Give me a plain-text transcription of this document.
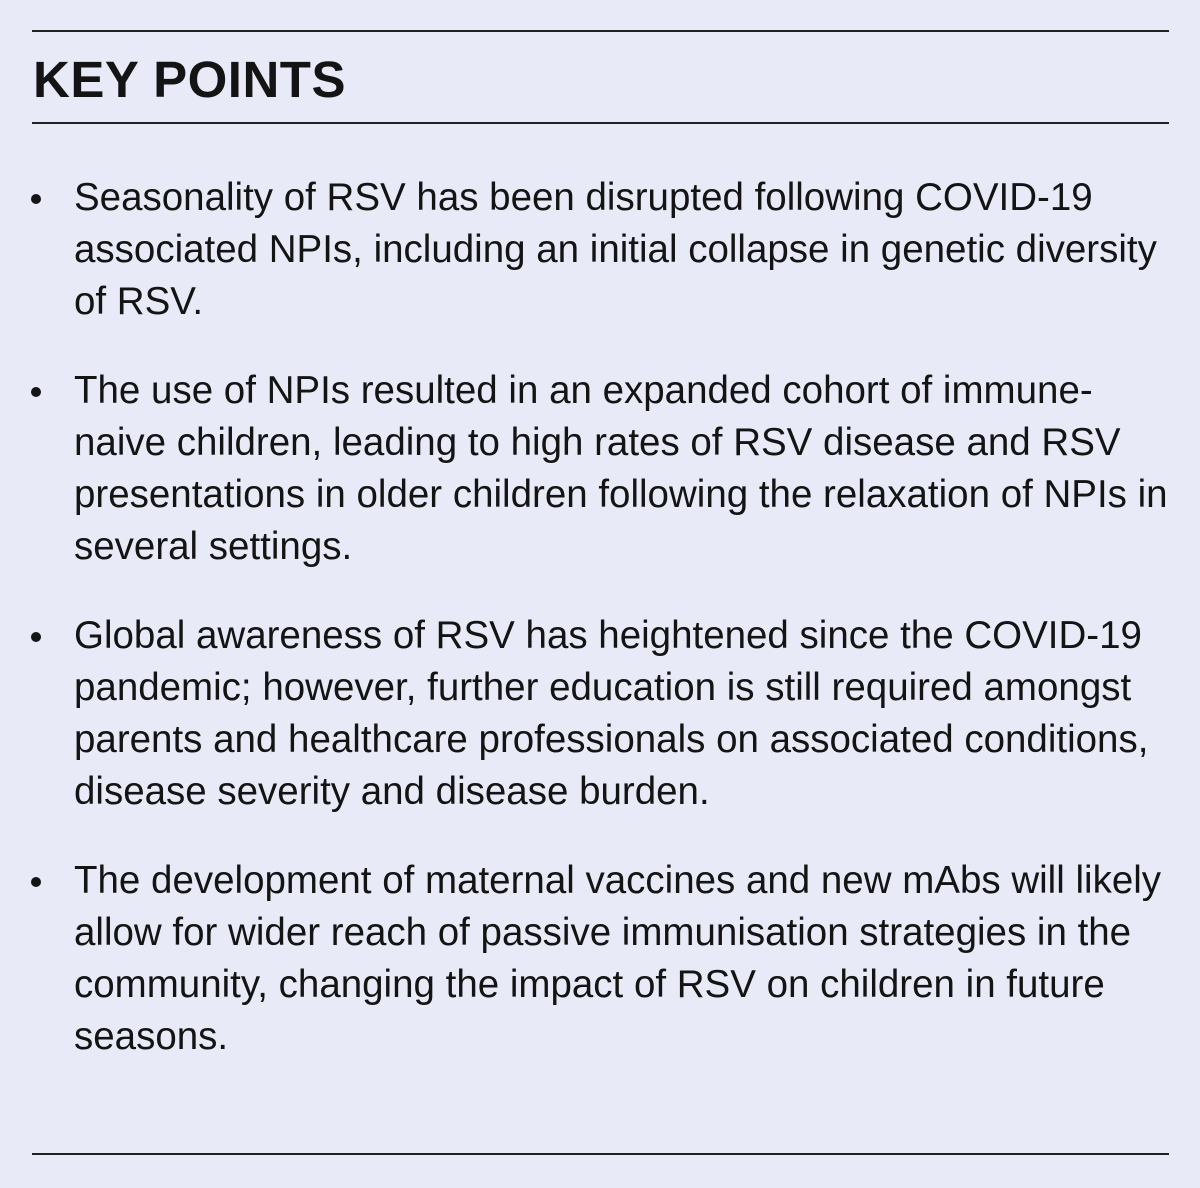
KEY POINTS
Seasonality of RSV has been disrupted following COVID-19 associated NPIs, including an initial collapse in genetic diversity of RSV.
The use of NPIs resulted in an expanded cohort of immune-naive children, leading to high rates of RSV disease and RSV presentations in older children following the relaxation of NPIs in several settings.
Global awareness of RSV has heightened since the COVID-19 pandemic; however, further education is still required amongst parents and healthcare professionals on associated conditions, disease severity and disease burden.
The development of maternal vaccines and new mAbs will likely allow for wider reach of passive immunisation strategies in the community, changing the impact of RSV on children in future seasons.
